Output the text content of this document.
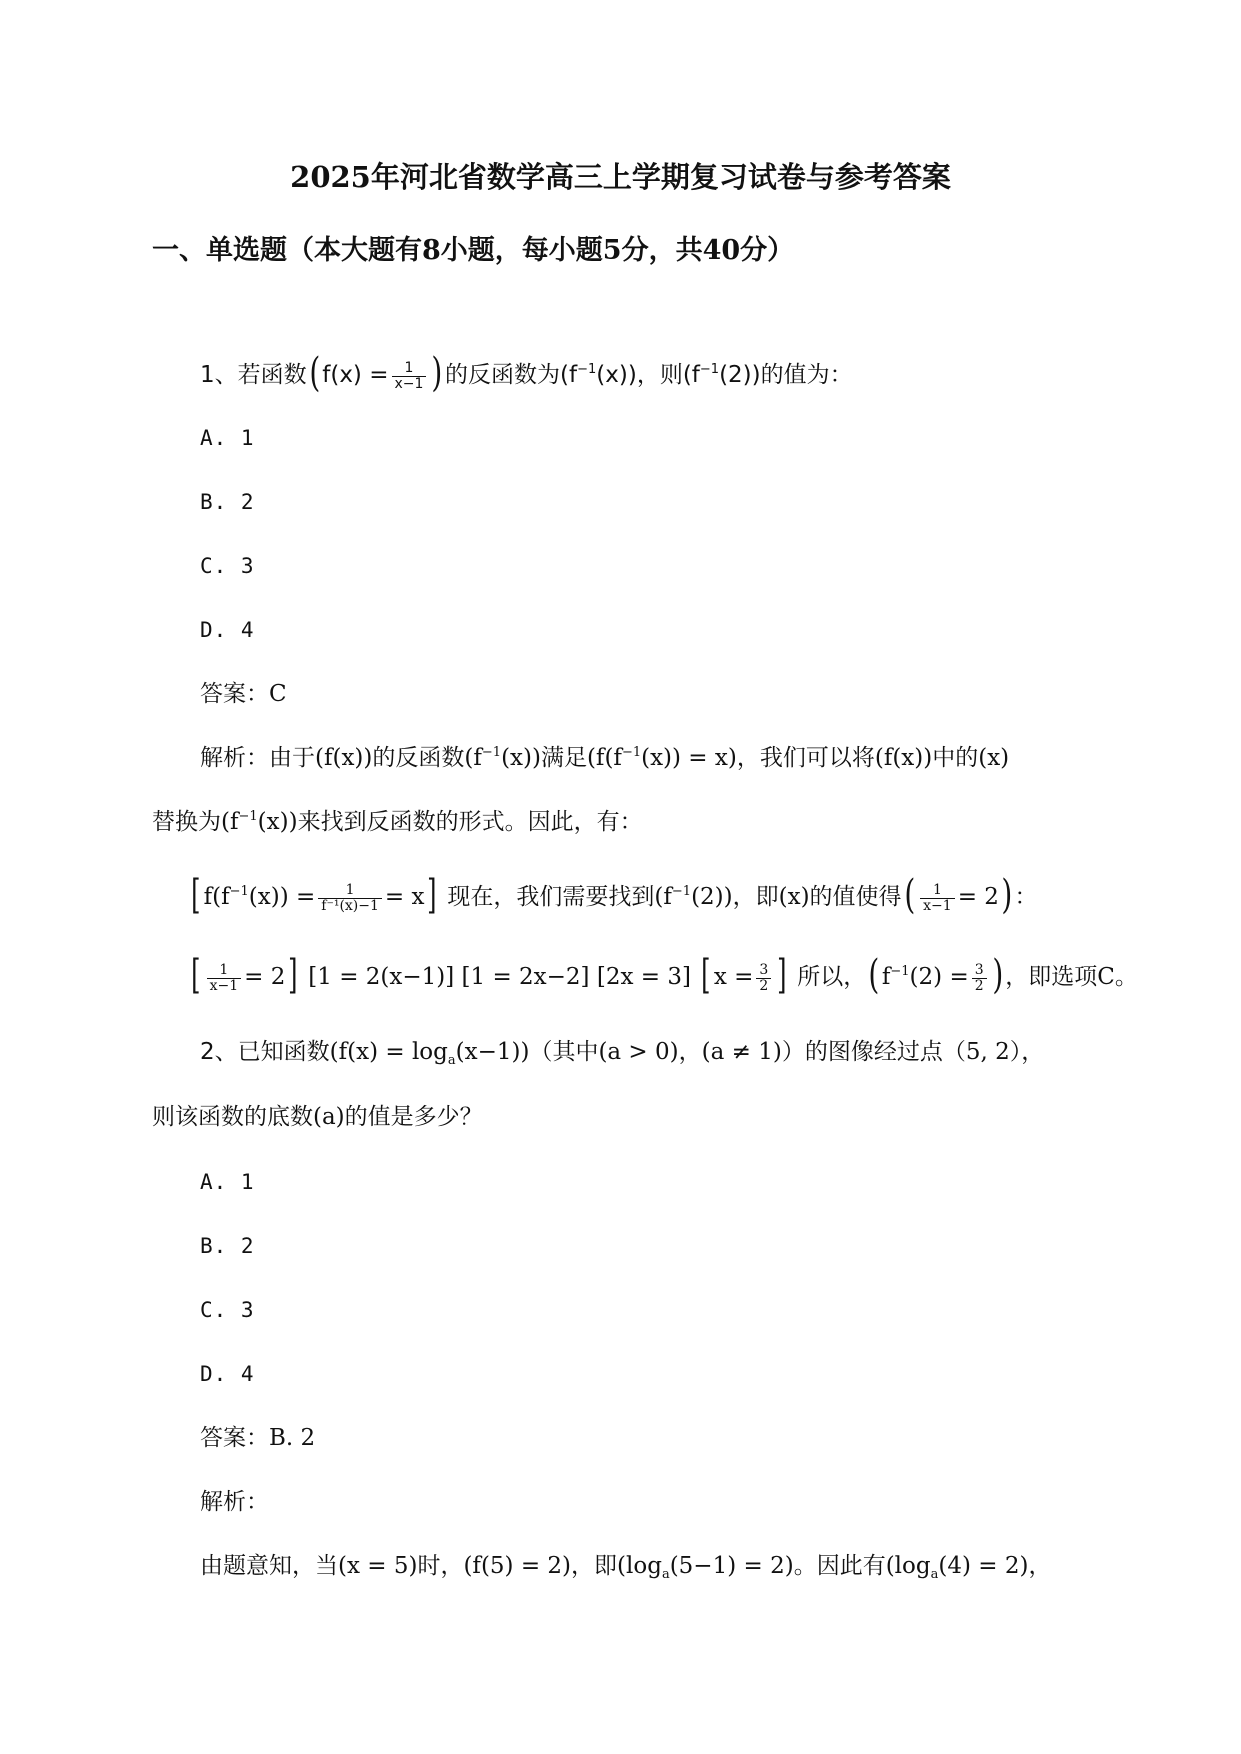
2025年河北省数学高三上学期复习试卷与参考答案
一、单选题（本大题有8小题，每小题5分，共40分）
1、若函数( $f(x) = \frac{1}{x-1}$ ) 的反函数为$(f^{-1}(x))$，则$(f^{-1}(2))$的值为：
A. 1
B. 2
C. 3
D. 4
答案：C
解析：由于(f(x))的反函数$(f^{-1}(x))$满足$(f(f^{-1}(x)) = x)$，我们可以将(f(x))中的(x)
替换为$(f^{-1}(x))$来找到反函数的形式。因此，有：
[ $f(f^{-1}(x)) = \frac{1}{\text{f⁻¹(x)−1}} = x$] 现在，我们需要找到$(f^{-1}(2))$，即(x)的值使得( $\frac{1}{x-1} = 2$) ：
[ $\frac{1}{x-1} = 2$] [1 = 2(x−1)] [1 = 2x−2] [2x = 3] [ $x = \frac{3}{2}$ ] 所以，( $f^{-1}(2) = \frac{3}{2}$ ) ，即选项C。
2、已知函数$(f(x) = \log_a(x-1))$（其中(a > 0)，(a ≠ 1)）的图像经过点（5, 2），
则该函数的底数(a)的值是多少？
A. 1
B. 2
C. 3
D. 4
答案：B. 2
解析：
由题意知，当(x = 5)时，(f(5) = 2)，即$(\log_a(5-1) = 2)$。因此有$(\log_a(4) = 2)$，
